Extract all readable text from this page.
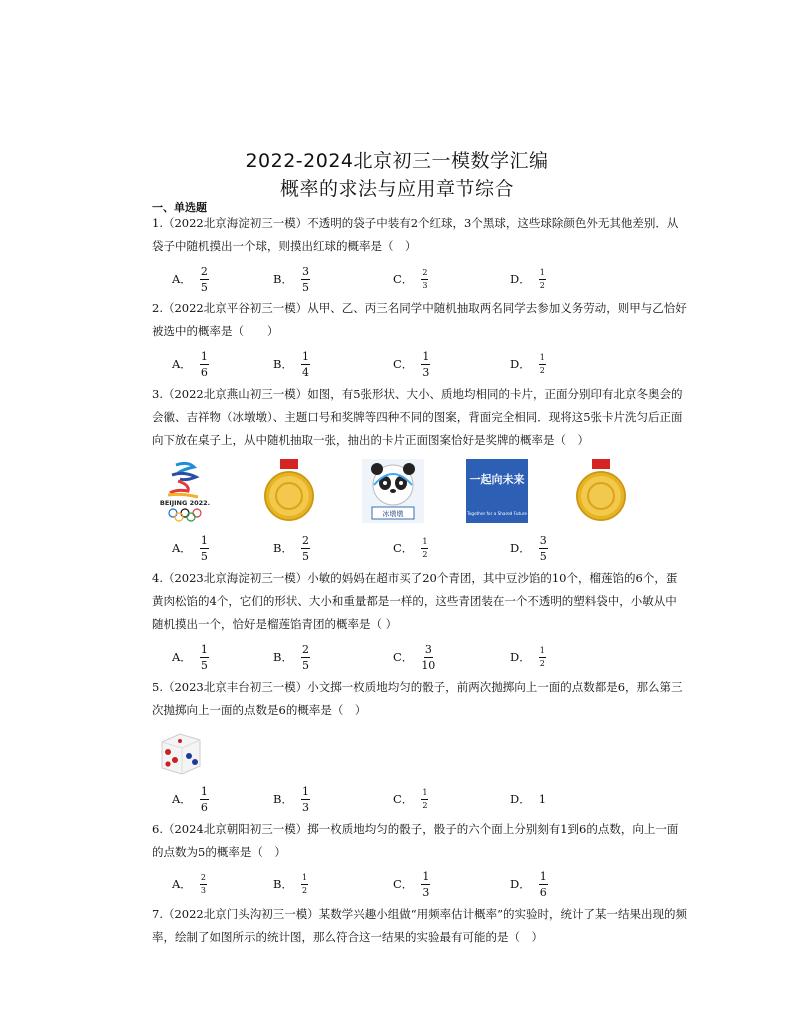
2022-2024北京初三一模数学汇编
概率的求法与应用章节综合
一、单选题
1.（2022北京海淀初三一模）不透明的袋子中装有2个红球，3个黑球，这些球除颜色外无其他差别．从
袋子中随机摸出一个球，则摸出红球的概率是（　）
A． $\frac{2}{5}$	B． $\frac{3}{5}$	C． $\frac{2}{3}$	D． $\frac{1}{2}$
2.（2022北京平谷初三一模）从甲、乙、丙三名同学中随机抽取两名同学去参加义务劳动，则甲与乙恰好
被选中的概率是（　　）
A． $\frac{1}{6}$	B． $\frac{1}{4}$	C． $\frac{1}{3}$	D． $\frac{1}{2}$
3.（2022北京燕山初三一模）如图，有5张形状、大小、质地均相同的卡片，正面分别印有北京冬奥会的
会徽、吉祥物（冰墩墩）、主题口号和奖牌等四种不同的图案，背面完全相同．现将这5张卡片洗匀后正面
向下放在桌子上，从中随机抽取一张，抽出的卡片正面图案恰好是奖牌的概率是（　）
BEIJING 2022.
冰墩墩
一起向未来
Together for a Shared Future
A． $\frac{1}{5}$	B． $\frac{2}{5}$	C． $\frac{1}{2}$	D． $\frac{3}{5}$
4.（2023北京海淀初三一模）小敏的妈妈在超市买了20个青团，其中豆沙馅的10个，榴莲馅的6个，蛋
黄肉松馅的4个，它们的形状、大小和重量都是一样的，这些青团装在一个不透明的塑料袋中，小敏从中
随机摸出一个，恰好是榴莲馅青团的概率是（ ）
A． $\frac{1}{5}$	B． $\frac{2}{5}$	C． $\frac{3}{10}$	D． $\frac{1}{2}$
5.（2023北京丰台初三一模）小文掷一枚质地均匀的骰子，前两次抛掷向上一面的点数都是6，那么第三
次抛掷向上一面的点数是6的概率是（　）
A． $\frac{1}{6}$	B． $\frac{1}{3}$	C． $\frac{1}{2}$	D． 1
6.（2024北京朝阳初三一模）掷一枚质地均匀的骰子，骰子的六个面上分别刻有1到6的点数，向上一面
的点数为5的概率是（　）
A． $\frac{2}{3}$	B． $\frac{1}{2}$	C． $\frac{1}{3}$	D． $\frac{1}{6}$
7.（2022北京门头沟初三一模）某数学兴趣小组做“用频率估计概率”的实验时，统计了某一结果出现的频
率，绘制了如图所示的统计图，那么符合这一结果的实验最有可能的是（　）
